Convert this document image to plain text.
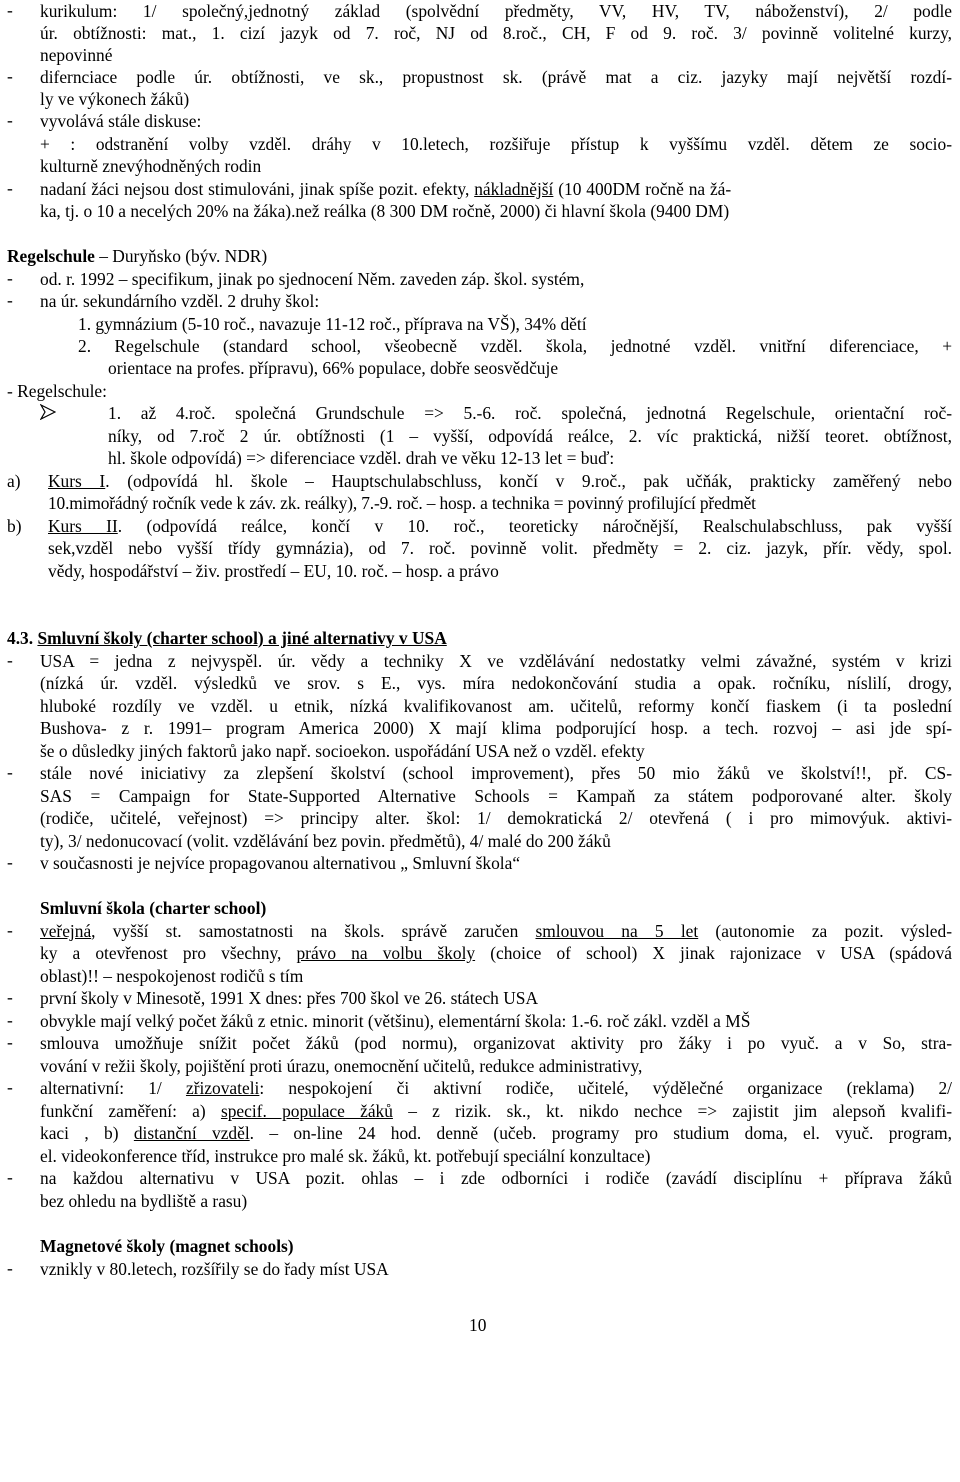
- kurikulum: 1/ společný,jednotný základ (spolvědní předměty, VV, HV, TV, náboženství), 2/ podle
úr. obtížnosti: mat., 1. cizí jazyk od 7. roč, NJ od 8.roč., CH, F od 9. roč. 3/ povinně volitelné kurzy,
nepovinné
- difernciace podle úr. obtížnosti, ve sk., propustnost sk. (právě mat a ciz. jazyky mají největší rozdí-
ly ve výkonech žáků)
- vyvolává stále diskuse:
+ : odstranění volby vzděl. dráhy v 10.letech, rozšiřuje přístup k vyššímu vzděl. dětem ze socio-
kulturně znevýhodněných rodin
- nadaní žáci nejsou dost stimulováni, jinak spíše pozit. efekty, nákladnější (10 400DM ročně na žá-
ka, tj. o 10 a necelých 20% na žáka).než reálka (8 300 DM ročně, 2000) či hlavní škola (9400 DM)
Regelschule – Duryňsko (býv. NDR)
- od. r. 1992 – specifikum, jinak po sjednocení Něm. zaveden záp. škol. systém,
- na úr. sekundárního vzděl. 2 druhy škol:
1. gymnázium (5-10 roč., navazuje 11-12 roč., příprava na VŠ), 34% dětí
2. Regelschule (standard school, všeobecně vzděl. škola, jednotné vzděl. vnitřní diferenciace, +
orientace na profes. přípravu), 66% populace, dobře seosvědčuje
- Regelschule:
1. až 4.roč. společná Grundschule => 5.-6. roč. společná, jednotná Regelschule, orientační roč-
níky, od 7.roč 2 úr. obtížnosti (1 – vyšší, odpovídá reálce, 2. víc praktická, nižší teoret. obtížnost,
hl. škole odpovídá) => diferenciace vzděl. drah ve věku 12-13 let = buď:
a) Kurs I. (odpovídá hl. škole – Hauptschulabschluss, končí v 9.roč., pak učňák, prakticky zaměřený nebo
10.mimořádný ročník vede k záv. zk. reálky), 7.-9. roč. – hosp. a technika = povinný profilující předmět
b) Kurs II. (odpovídá reálce, končí v 10. roč., teoreticky náročnější, Realschulabschluss, pak vyšší
sek,vzděl nebo vyšší třídy gymnázia), od 7. roč. povinně volit. předměty = 2. ciz. jazyk, přír. vědy, spol.
vědy, hospodářství – živ. prostředí – EU, 10. roč. – hosp. a právo
4.3. Smluvní školy (charter school) a jiné alternativy v USA
- USA = jedna z nejvyspěl. úr. vědy a techniky X ve vzdělávání nedostatky velmi závažné, systém v krizi
(nízká úr. vzděl. výsledků ve srov. s E., vys. míra nedokončování studia a opak. ročníku, níslilí, drogy,
hluboké rozdíly ve vzděl. u etnik, nízká kvalifikovanost am. učitelů, reformy končí fiaskem (i ta poslední
Bushova- z r. 1991– program America 2000) X mají klima podporující hosp. a tech. rozvoj – asi jde spí-
še o důsledky jiných faktorů jako např. socioekon. uspořádání USA než o vzděl. efekty
- stále nové iniciativy za zlepšení školství (school improvement), přes 50 mio žáků ve školství!!, př. CS-
SAS = Campaign for State-Supported Alternative Schools = Kampaň za státem podporované alter. školy
(rodiče, učitelé, veřejnost) => principy alter. škol: 1/ demokratická 2/ otevřená ( i pro mimovýuk. aktivi-
ty), 3/ nedonucovací (volit. vzdělávání bez povin. předmětů), 4/ malé do 200 žáků
- v současnosti je nejvíce propagovanou alternativou „ Smluvní škola“
Smluvní škola (charter school)
- veřejná, vyšší st. samostatnosti na škols. správě zaručen smlouvou na 5 let (autonomie za pozit. výsled-
ky a otevřenost pro všechny, právo na volbu školy (choice of school) X jinak rajonizace v USA (spádová
oblast)!! – nespokojenost rodičů s tím
- první školy v Minesotě, 1991 X dnes: přes 700 škol ve 26. státech USA
- obvykle mají velký počet žáků z etnic. minorit (většinu), elementární škola: 1.-6. roč zákl. vzděl a MŠ
- smlouva umožňuje snížit počet žáků (pod normu), organizovat aktivity pro žáky i po vyuč. a v So, stra-
vování v režii školy, pojištění proti úrazu, onemocnění učitelů, redukce administrativy,
- alternativní: 1/ zřizovateli: nespokojení či aktivní rodiče, učitelé, výdělečné organizace (reklama) 2/
funkční zaměření: a) specif. populace žáků – z rizik. sk., kt. nikdo nechce => zajistit jim alepsoň kvalifi-
kaci , b) distanční vzděl. – on-line 24 hod. denně (učeb. programy pro studium doma, el. vyuč. program,
el. videokonference tříd, instrukce pro malé sk. žáků, kt. potřebují speciální konzultace)
- na každou alternativu v USA pozit. ohlas – i zde odborníci i rodiče (zavádí disciplínu + příprava žáků
bez ohledu na bydliště a rasu)
Magnetové školy (magnet schools)
- vznikly v 80.letech, rozšířily se do řady míst USA
10
